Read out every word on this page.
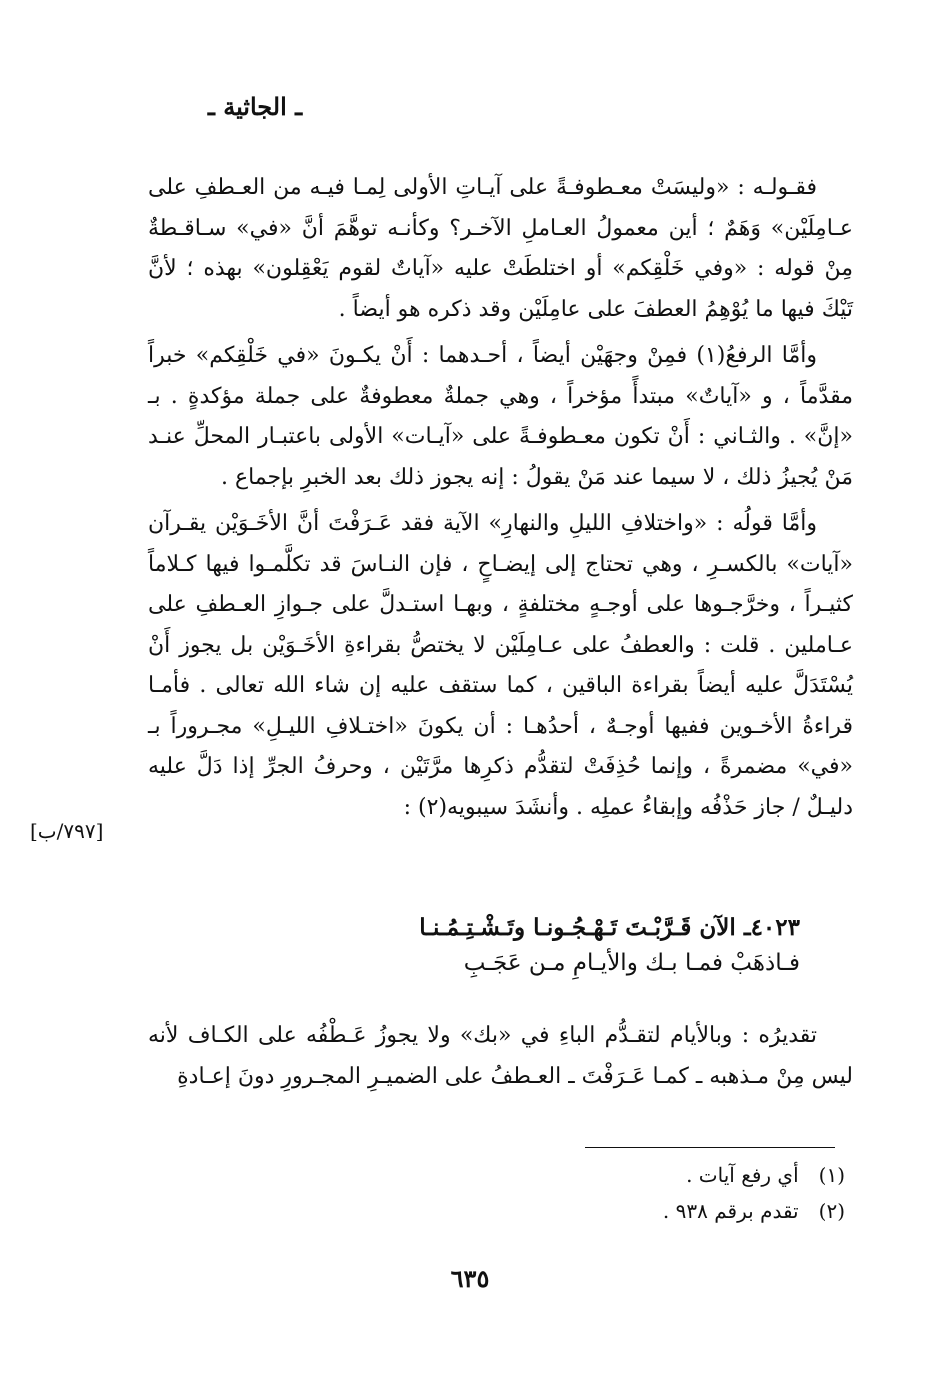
ـ الجاثية ـ

فقـولـه : «وليسَتْ معـطوفـةً على آيـاتِ الأولى لِمـا فيـه من العـطفِ على عـامِلَيْن» وَهَمٌ ؛ أين معمولُ العـاملِ الآخـر؟ وكأنـه توهَّمَ أنَّ «في» سـاقـطةٌ مِنْ قوله : «وفي خَلْقِكم» أو اختلطَتْ عليه «آياتٌ لقوم يَعْقِلون» بهذه ؛ لأنَّ تَيْكَ فيها ما يُوْهِمُ العطفَ على عامِلَيْن وقد ذكره هو أيضاً .

وأمَّا الرفعُ(١) فمِنْ وجهَيْن أيضاً ، أحـدهما : أَنْ يكـونَ «في خَلْقِكم» خبراً مقدَّماً ، و «آياتٌ» مبتدأً مؤخراً ، وهي جملةٌ معطوفةٌ على جملة مؤكدةٍ . بـ «إنَّ» . والثـاني : أَنْ تكون معـطوفـةً على «آيـات» الأولى باعتبـار المحلِّ عنـد مَنْ يُجيزُ ذلك ، لا سيما عند مَنْ يقولُ : إنه يجوز ذلك بعد الخبرِ بإجماع .

وأمَّا قولُه : «واختلافِ الليلِ والنهارِ» الآية فقد عَـرَفْتَ أنَّ الأخَـوَيْن يقـرآن «آيات» بالكسـرِ ، وهي تحتاج إلى إيضـاحٍ ، فإن النـاسَ قد تكلَّمـوا فيها كـلاماً كثيـراً ، وخرَّجـوها على أوجـهٍ مختلفةٍ ، وبهـا استـدلَّ على جـوازِ العـطفِ على عـاملين . قلت : والعطفُ على عـامِلَيْن لا يختصُّ بقراءةِ الأخَـوَيْن بل يجوز أَنْ يُسْتَدَلَّ عليه أيضاً بقراءة الباقين ، كما ستقف عليه إن شاء الله تعالى . فأمـا قراءةُ الأخـوين ففيها أوجـهٌ ، أحدُهـا : أن يكونَ «اختـلافِ الليـلِ» مجـروراً بـ «في» مضمرةً ، وإنما حُذِفَتْ لتقدُّم ذكرِها مرَّتَيْن ، وحرفُ الجرِّ إذا دَلَّ عليه دليـلٌ / جاز حَذْفُه وإبقاءُ عملِه . وأنشَدَ سيبويه(٢) :

[٧٩٧/ب]
٤٠٢٣ـ الآن قَـرَّبْـتَ تَـهْـجُـونـا وتَـشْـتِـمُـنـا
فـاذهَبْ فمـا بـك والأيـامِ مـن عَجَـبِ

تقديرُه : وبالأيام لتقـدُّم الباءِ في «بك» ولا يجوزُ عَـطْفُه على الكـاف لأنه ليس مِنْ مـذهبه ـ كمـا عَـرَفْتَ ـ العـطفُ على الضميـرِ المجـرورِ دونَ إعـادةِ

(١) أي رفع آيات .
(٢) تقدم برقم ٩٣٨ .
٦٣٥
